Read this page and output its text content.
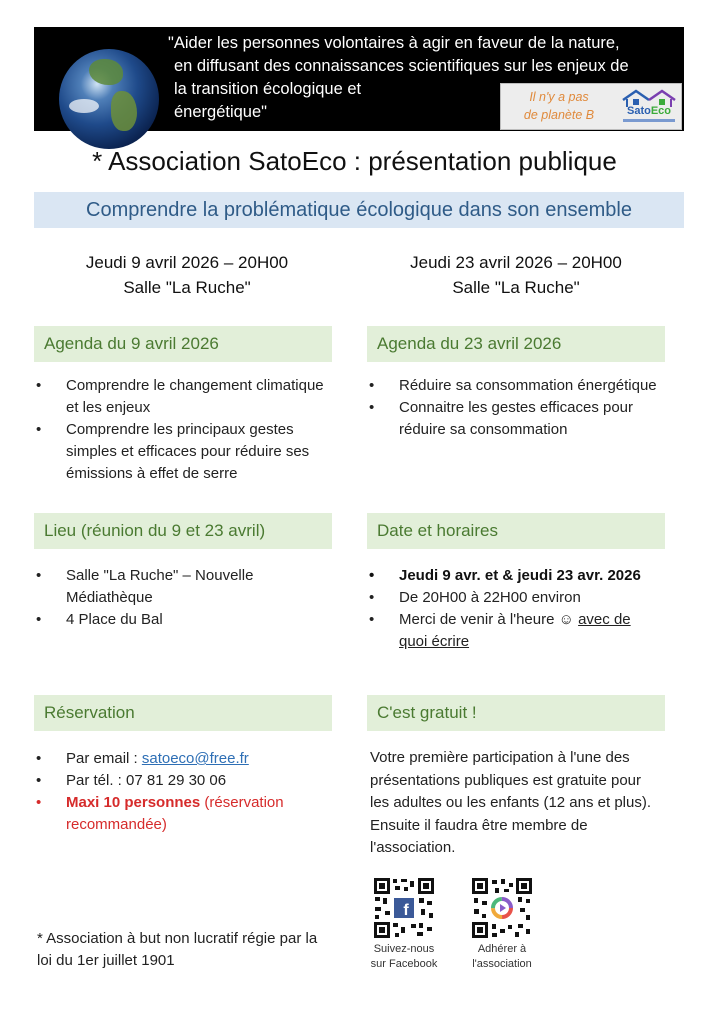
"Aider les personnes volontaires à agir en faveur de la nature,
en diffusant des connaissances scientifiques sur les enjeux de
la transition écologique et
énergétique"
Il n'y a pas
de planète B	SatoEco
* Association SatoEco : présentation publique
Comprendre la problématique écologique dans son ensemble
Jeudi 9 avril 2026 – 20H00
Salle "La Ruche"
Jeudi 23 avril 2026 – 20H00
Salle "La Ruche"
Agenda du 9 avril 2026
• Comprendre le changement climatique et les enjeux
• Comprendre les principaux gestes simples et efficaces pour réduire ses émissions à effet de serre
Agenda du 23 avril 2026
• Réduire sa consommation énergétique
• Connaitre les gestes efficaces pour réduire sa consommation
Lieu (réunion du 9 et 23 avril)
• Salle "La Ruche" – Nouvelle Médiathèque
• 4 Place du Bal
Date et horaires
• Jeudi 9 avr. et & jeudi 23 avr. 2026
• De 20H00 à 22H00 environ
• Merci de venir à l'heure ☺ avec de quoi écrire
Réservation
• Par email : satoeco@free.fr
• Par tél. : 07 81 29 30 06
• Maxi 10 personnes (réservation recommandée)
C'est gratuit !
Votre première participation à l'une des présentations publiques est gratuite pour les adultes ou les enfants (12 ans et plus). Ensuite il faudra être membre de l'association.
f
Suivez-nous
sur Facebook
Adhérer à
l'association
* Association à but non lucratif régie par la loi du 1er juillet 1901
